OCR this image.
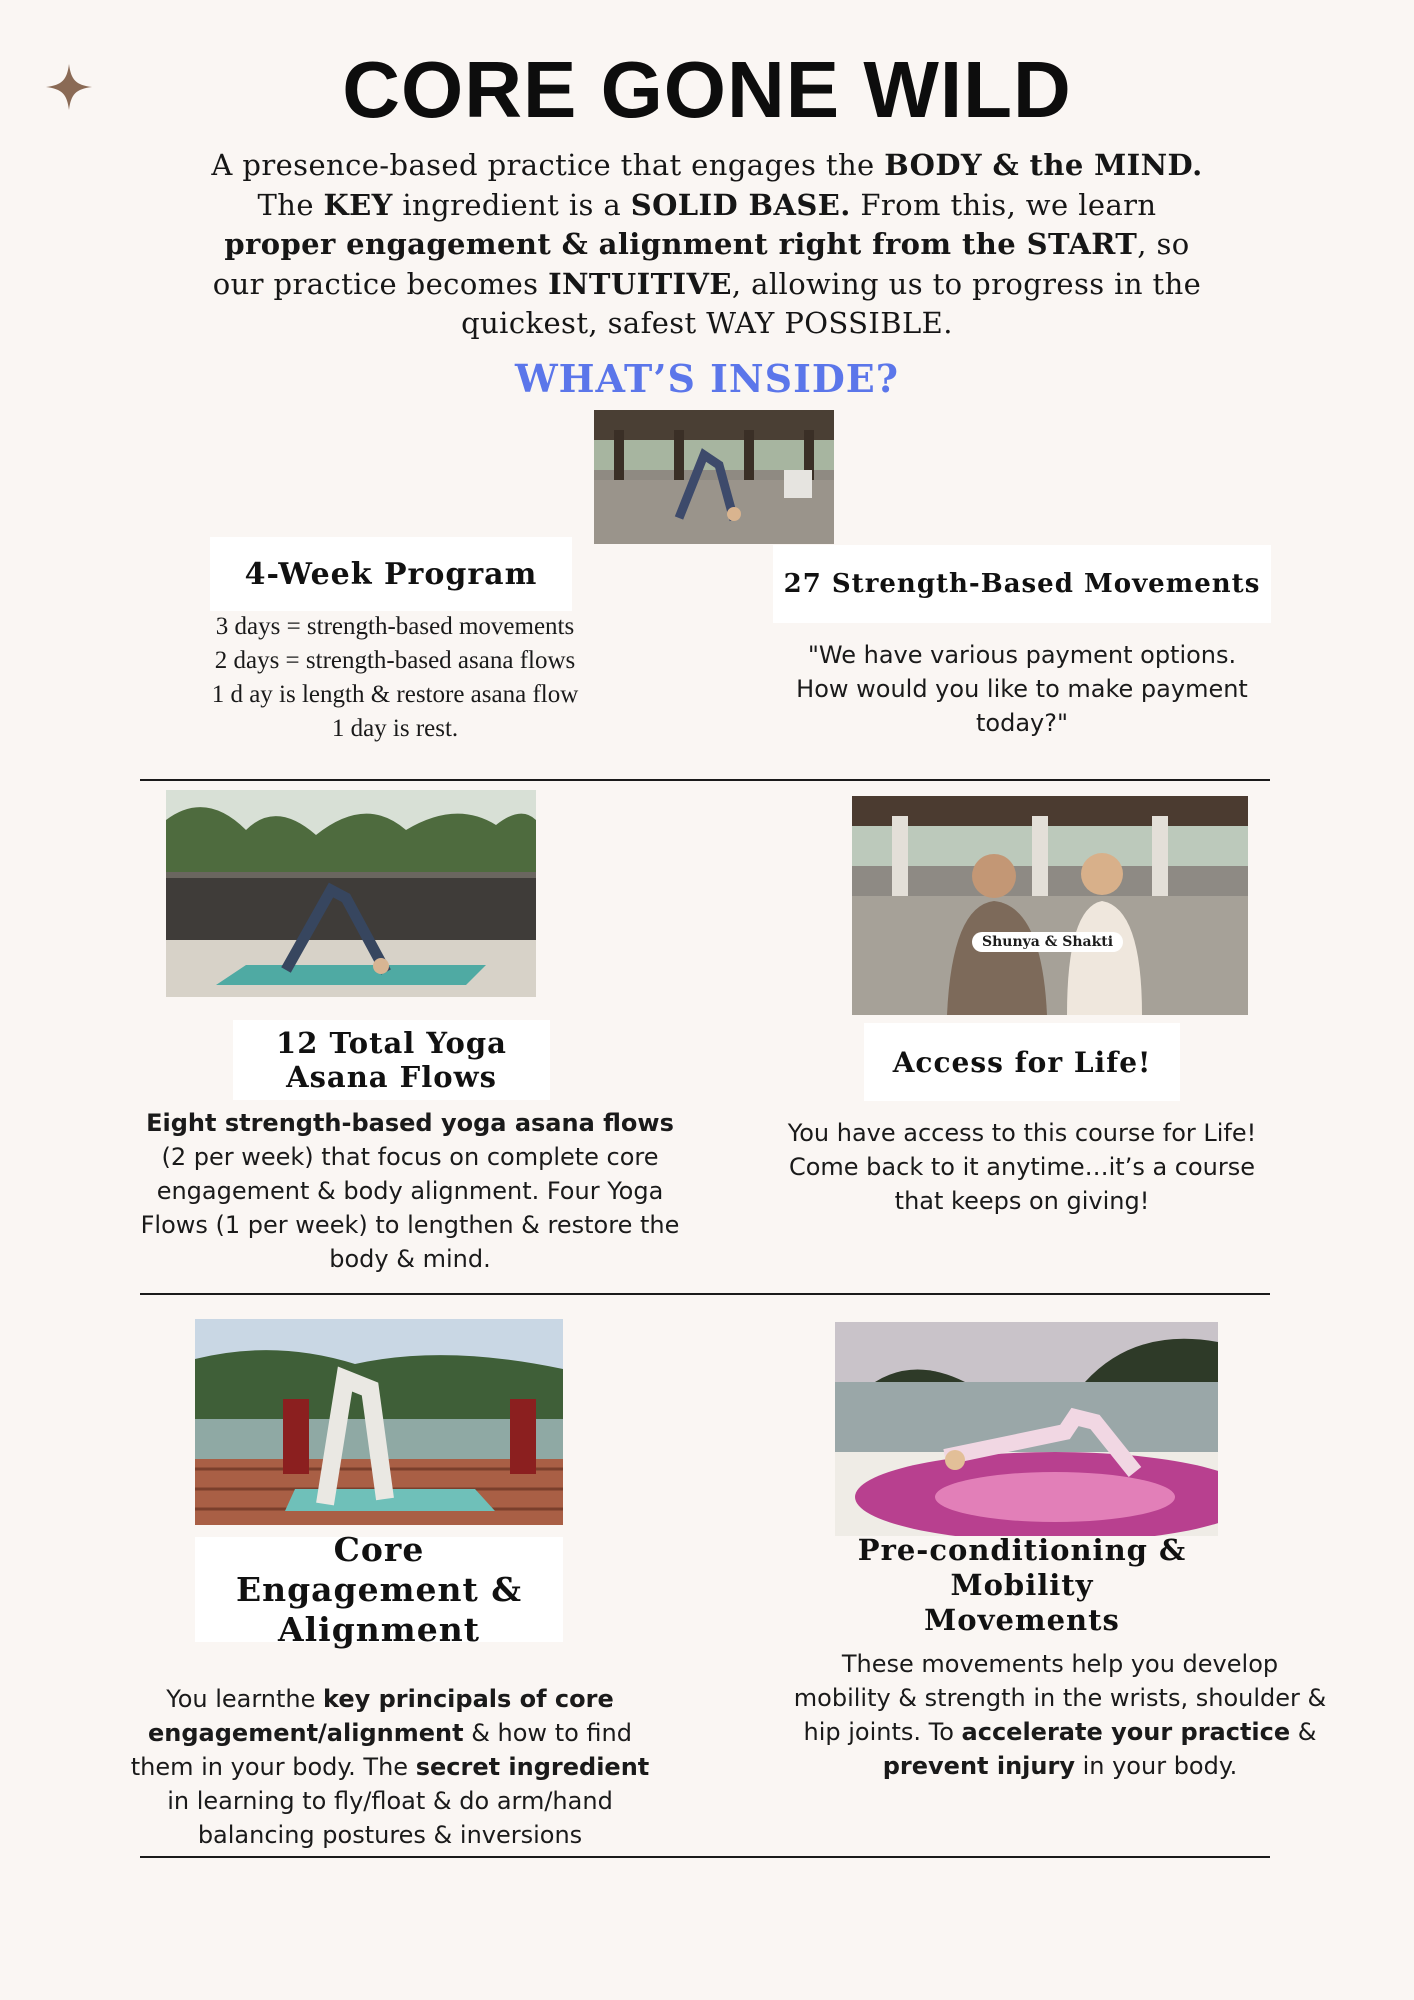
CORE GONE WILD
A presence-based practice that engages the BODY & the MIND.
The KEY ingredient is a SOLID BASE. From this, we learn
proper engagement & alignment right from the START, so
our practice becomes INTUITIVE, allowing us to progress in the
quickest, safest WAY POSSIBLE.
WHAT’S INSIDE?
4-Week Program
3 days = strength-based movements
2 days = strength-based asana flows
1 d ay is length & restore asana flow
1 day is rest.
27 Strength-Based Movements
"We have various payment options. How would you like to make payment today?"
12 Total Yoga
Asana Flows
Eight strength-based yoga asana flows (2 per week) that focus on complete core engagement & body alignment. Four Yoga Flows (1 per week) to lengthen & restore the body & mind.
Shunya & Shakti
Access for Life!
You have access to this course for Life! Come back to it anytime…it’s a course that keeps on giving!
Core
Engagement &
Alignment
You learnthe key principals of core engagement/alignment & how to find them in your body. The secret ingredient in learning to fly/float & do arm/hand balancing postures & inversions
Pre-conditioning &
Mobility Movements
These movements help you develop mobility & strength in the wrists, shoulder & hip joints. To accelerate your practice & prevent injury in your body.
